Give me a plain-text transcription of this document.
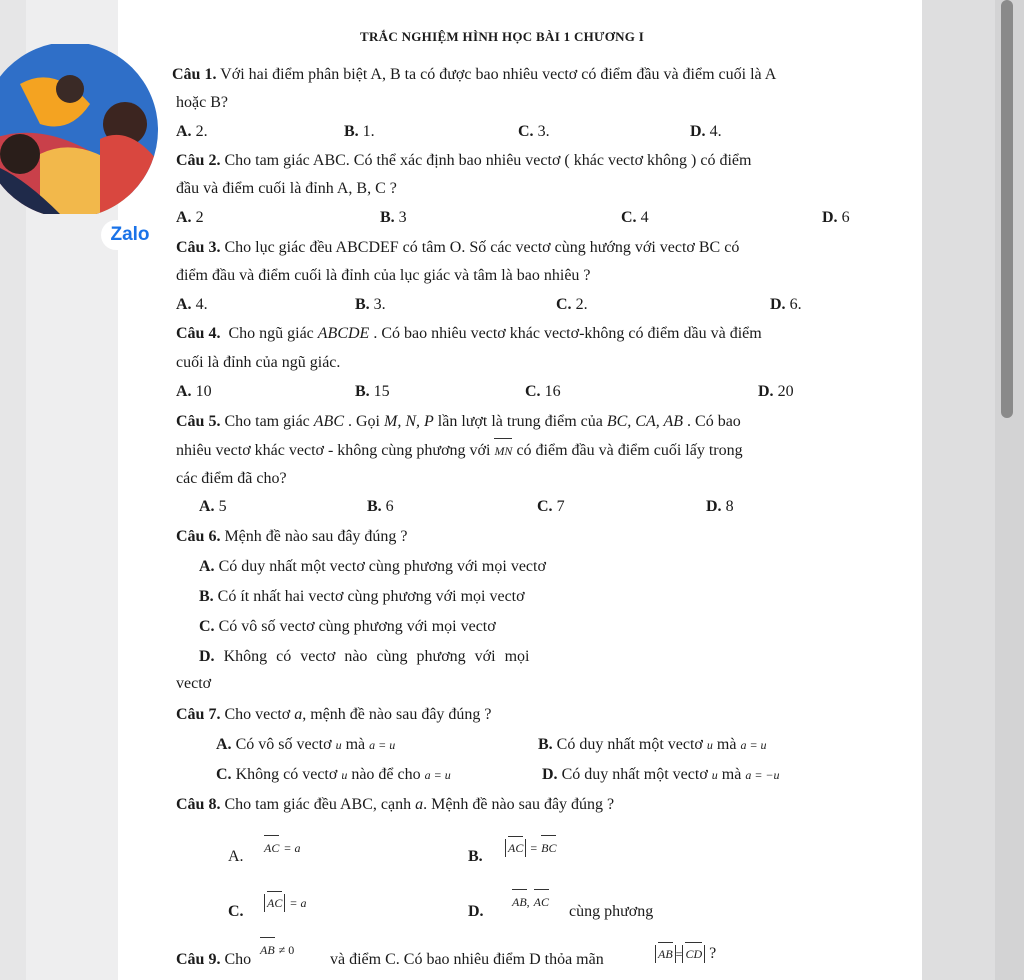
Zalo
TRẮC NGHIỆM HÌNH HỌC BÀI 1 CHƯƠNG I
Câu 1. Với hai điểm phân biệt A, B ta có được bao nhiêu vectơ có điểm đầu và điểm cuối là A
hoặc B?
A. 2.	B. 1.	C. 3.	D. 4.
Câu 2. Cho tam giác ABC. Có thể xác định bao nhiêu vectơ ( khác vectơ không ) có điểm
đầu và điểm cuối là đỉnh A, B, C ?
A. 2	B. 3	C. 4	D. 6
Câu 3. Cho lục giác đều ABCDEF có tâm O. Số các vectơ cùng hướng với vectơ BC có
điểm đầu và điểm cuối là đỉnh của lục giác và tâm là bao nhiêu ?
A. 4.	B. 3.	C. 2.	D. 6.
Câu 4. Cho ngũ giác ABCDE . Có bao nhiêu vectơ khác vectơ-không có điểm dầu và điểm
cuối là đỉnh của ngũ giác.
A. 10	B. 15	C. 16	D. 20
Câu 5. Cho tam giác ABC . Gọi M, N, P lần lượt là trung điểm của BC, CA, AB . Có bao
nhiêu vectơ khác vectơ - không cùng phương với MN có điểm đầu và điểm cuối lấy trong
các điểm đã cho?
A. 5	B. 6	C. 7	D. 8
Câu 6. Mệnh đề nào sau đây đúng ?
A. Có duy nhất một vectơ cùng phương với mọi vectơ
B. Có ít nhất hai vectơ cùng phương với mọi vectơ
C. Có vô số vectơ cùng phương với mọi vectơ
D. Không có vectơ nào cùng phương với mọi
vectơ
Câu 7. Cho vectơ a, mệnh đề nào sau đây đúng ?
A. Có vô số vectơ u mà a = u	B. Có duy nhất một vectơ u mà a = u
C. Không có vectơ u nào để cho a = u	D. Có duy nhất một vectơ u mà a = −u
Câu 8. Cho tam giác đều ABC, cạnh a. Mệnh đề nào sau đây đúng ?
A. AC = a	B. AC = BC
C. AC = a	D.
AB, AC
cùng phương
Câu 9. Cho
AB ≠ 0
và điểm C. Có bao nhiêu điểm D thỏa mãn	AB = CD ?
